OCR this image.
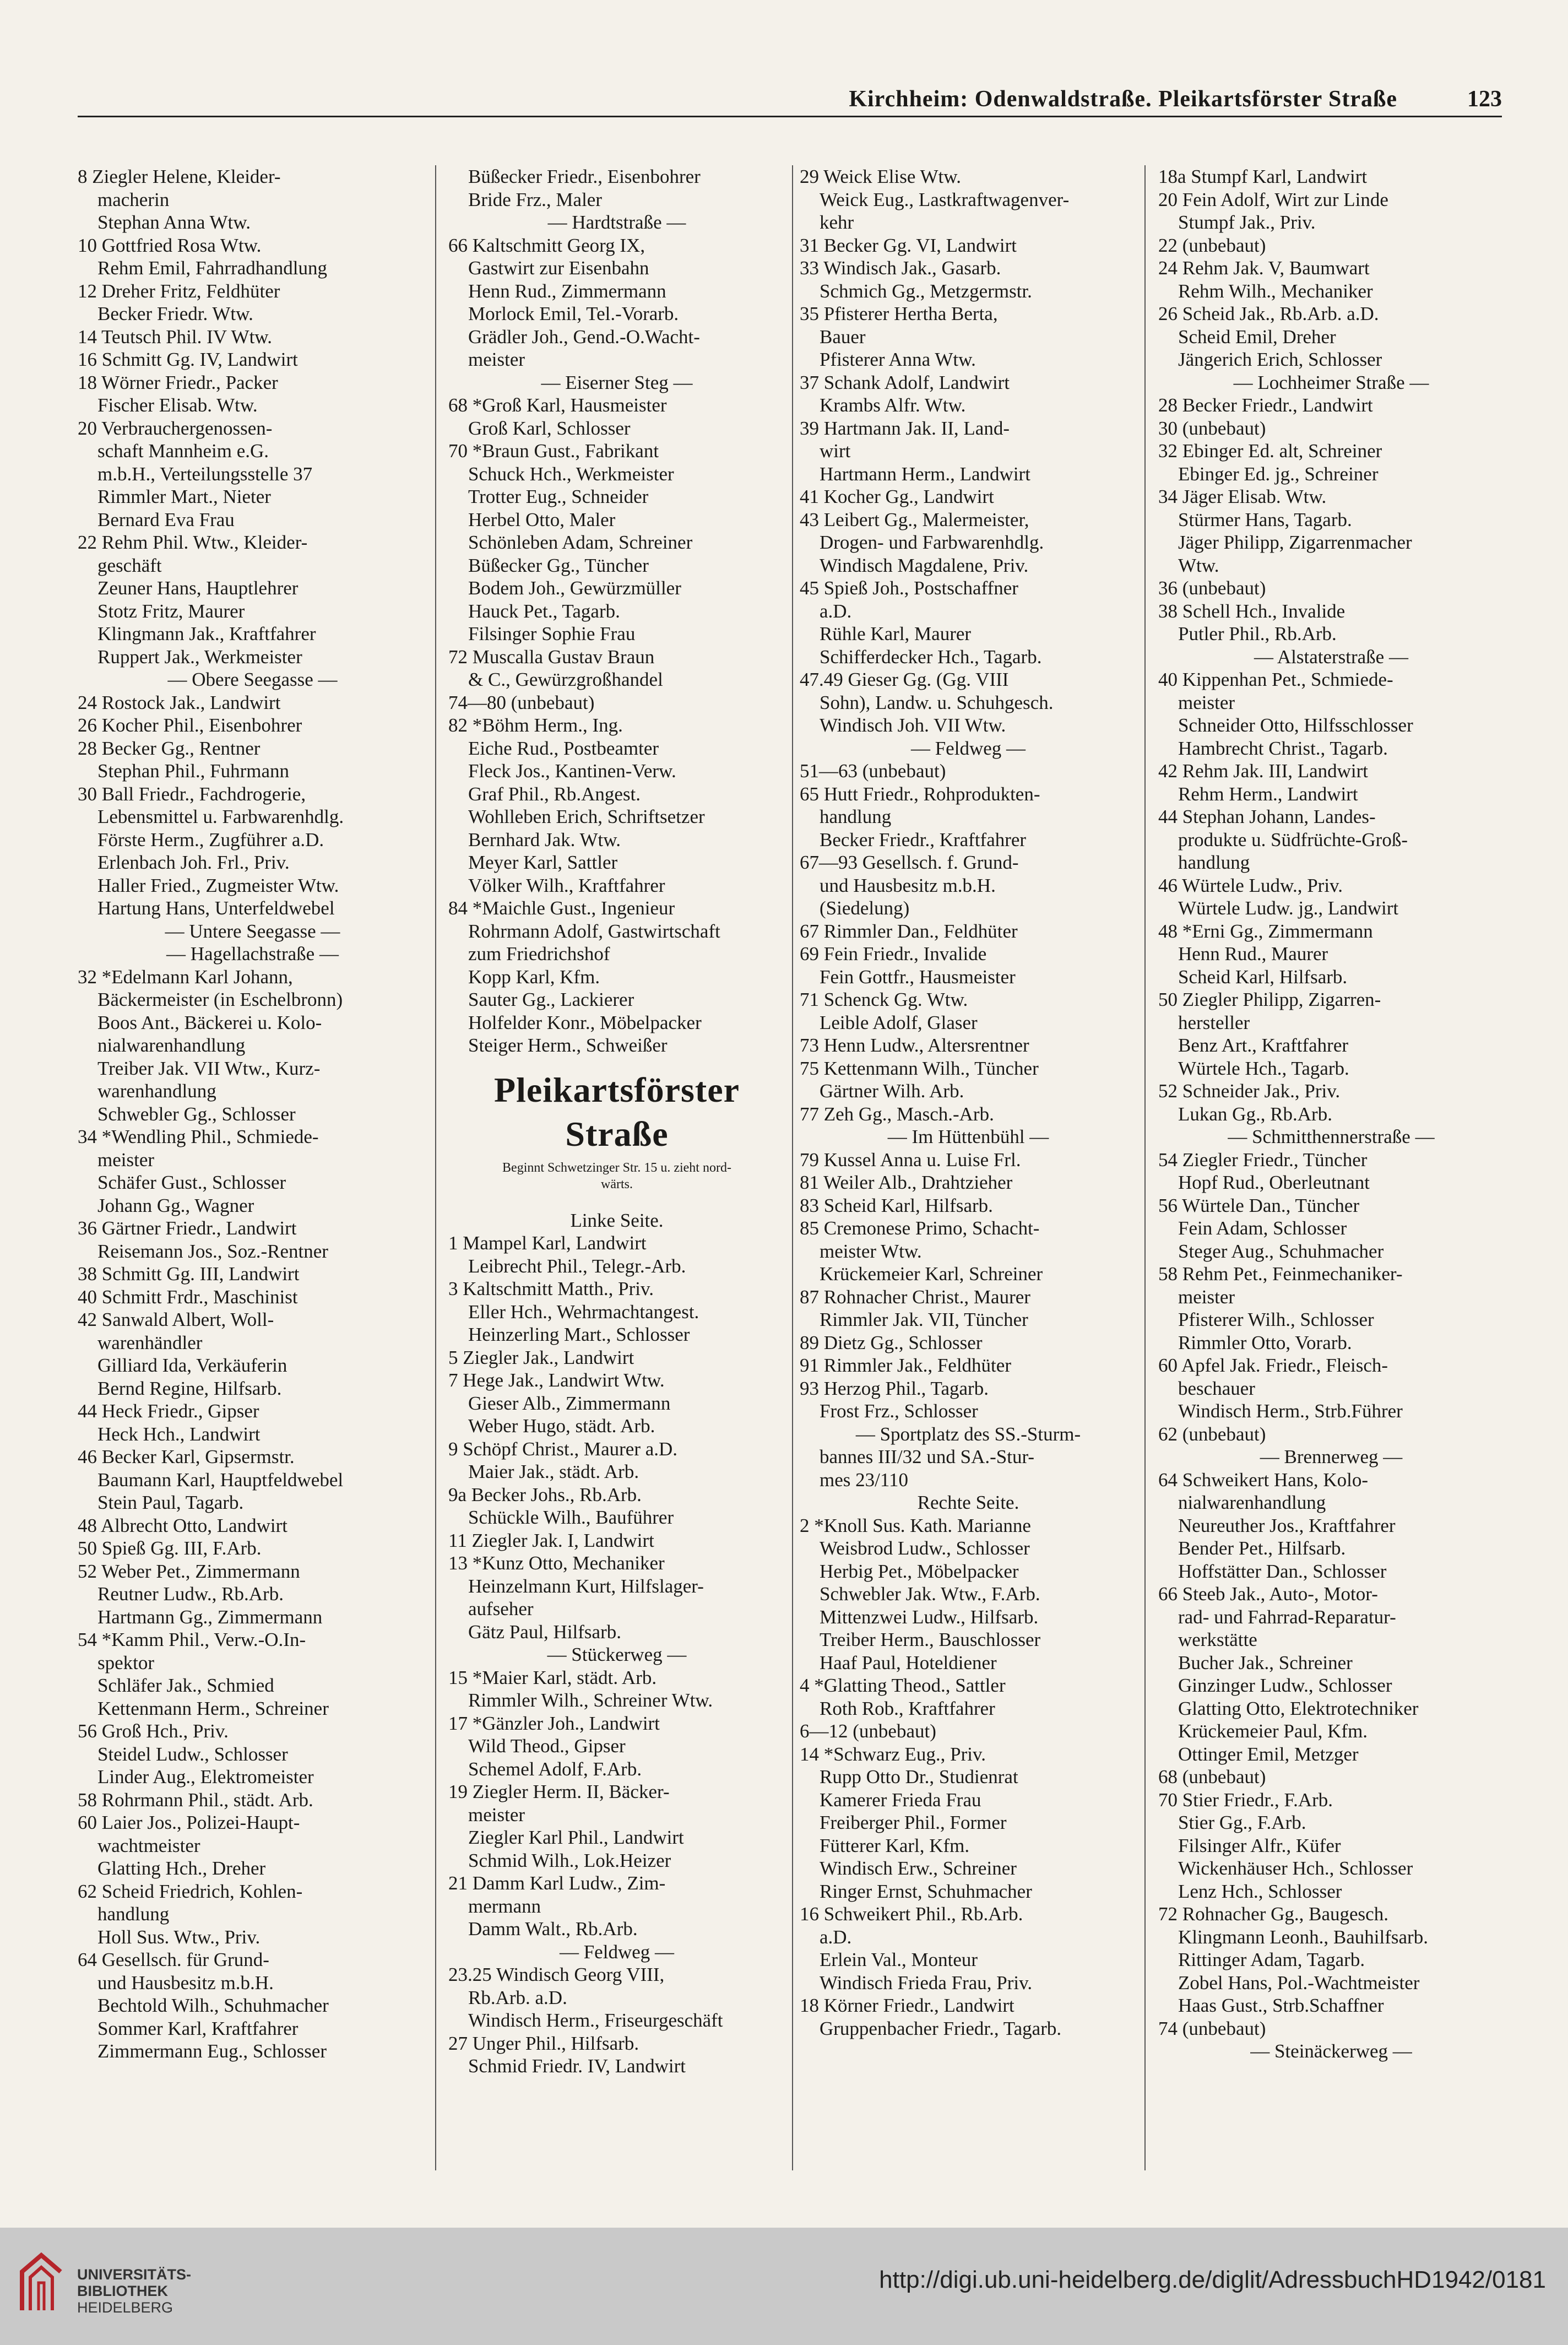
Kirchheim: Odenwaldstraße. Pleikartsförster Straße	123
8 Ziegler Helene, Kleider-
macherin
Stephan Anna Wtw.
10 Gottfried Rosa Wtw.
Rehm Emil, Fahrradhandlung
12 Dreher Fritz, Feldhüter
Becker Friedr. Wtw.
14 Teutsch Phil. IV Wtw.
16 Schmitt Gg. IV, Landwirt
18 Wörner Friedr., Packer
Fischer Elisab. Wtw.
20 Verbrauchergenossen-
schaft Mannheim e.G.
m.b.H., Verteilungsstelle 37
Rimmler Mart., Nieter
Bernard Eva Frau
22 Rehm Phil. Wtw., Kleider-
geschäft
Zeuner Hans, Hauptlehrer
Stotz Fritz, Maurer
Klingmann Jak., Kraftfahrer
Ruppert Jak., Werkmeister
— Obere Seegasse —
24 Rostock Jak., Landwirt
26 Kocher Phil., Eisenbohrer
28 Becker Gg., Rentner
Stephan Phil., Fuhrmann
30 Ball Friedr., Fachdrogerie,
Lebensmittel u. Farbwarenhdlg.
Förste Herm., Zugführer a.D.
Erlenbach Joh. Frl., Priv.
Haller Fried., Zugmeister Wtw.
Hartung Hans, Unterfeldwebel
— Untere Seegasse —
— Hagellachstraße —
32 *Edelmann Karl Johann,
Bäckermeister (in Eschelbronn)
Boos Ant., Bäckerei u. Kolo-
nialwarenhandlung
Treiber Jak. VII Wtw., Kurz-
warenhandlung
Schwebler Gg., Schlosser
34 *Wendling Phil., Schmiede-
meister
Schäfer Gust., Schlosser
Johann Gg., Wagner
36 Gärtner Friedr., Landwirt
Reisemann Jos., Soz.-Rentner
38 Schmitt Gg. III, Landwirt
40 Schmitt Frdr., Maschinist
42 Sanwald Albert, Woll-
warenhändler
Gilliard Ida, Verkäuferin
Bernd Regine, Hilfsarb.
44 Heck Friedr., Gipser
Heck Hch., Landwirt
46 Becker Karl, Gipsermstr.
Baumann Karl, Hauptfeldwebel
Stein Paul, Tagarb.
48 Albrecht Otto, Landwirt
50 Spieß Gg. III, F.Arb.
52 Weber Pet., Zimmermann
Reutner Ludw., Rb.Arb.
Hartmann Gg., Zimmermann
54 *Kamm Phil., Verw.-O.In-
spektor
Schläfer Jak., Schmied
Kettenmann Herm., Schreiner
56 Groß Hch., Priv.
Steidel Ludw., Schlosser
Linder Aug., Elektromeister
58 Rohrmann Phil., städt. Arb.
60 Laier Jos., Polizei-Haupt-
wachtmeister
Glatting Hch., Dreher
62 Scheid Friedrich, Kohlen-
handlung
Holl Sus. Wtw., Priv.
64 Gesellsch. für Grund-
und Hausbesitz m.b.H.
Bechtold Wilh., Schuhmacher
Sommer Karl, Kraftfahrer
Zimmermann Eug., Schlosser
Büßecker Friedr., Eisenbohrer
Bride Frz., Maler
— Hardtstraße —
66 Kaltschmitt Georg IX,
Gastwirt zur Eisenbahn
Henn Rud., Zimmermann
Morlock Emil, Tel.-Vorarb.
Grädler Joh., Gend.-O.Wacht-
meister
— Eiserner Steg —
68 *Groß Karl, Hausmeister
Groß Karl, Schlosser
70 *Braun Gust., Fabrikant
Schuck Hch., Werkmeister
Trotter Eug., Schneider
Herbel Otto, Maler
Schönleben Adam, Schreiner
Büßecker Gg., Tüncher
Bodem Joh., Gewürzmüller
Hauck Pet., Tagarb.
Filsinger Sophie Frau
72 Muscalla Gustav Braun
& C., Gewürzgroßhandel
74—80 (unbebaut)
82 *Böhm Herm., Ing.
Eiche Rud., Postbeamter
Fleck Jos., Kantinen-Verw.
Graf Phil., Rb.Angest.
Wohlleben Erich, Schriftsetzer
Bernhard Jak. Wtw.
Meyer Karl, Sattler
Völker Wilh., Kraftfahrer
84 *Maichle Gust., Ingenieur
Rohrmann Adolf, Gastwirtschaft
zum Friedrichshof
Kopp Karl, Kfm.
Sauter Gg., Lackierer
Holfelder Konr., Möbelpacker
Steiger Herm., Schweißer
Pleikartsförster Straße
Beginnt Schwetzinger Str. 15 u. zieht nord-
wärts.
Linke Seite.
1 Mampel Karl, Landwirt
Leibrecht Phil., Telegr.-Arb.
3 Kaltschmitt Matth., Priv.
Eller Hch., Wehrmachtangest.
Heinzerling Mart., Schlosser
5 Ziegler Jak., Landwirt
7 Hege Jak., Landwirt Wtw.
Gieser Alb., Zimmermann
Weber Hugo, städt. Arb.
9 Schöpf Christ., Maurer a.D.
Maier Jak., städt. Arb.
9a Becker Johs., Rb.Arb.
Schückle Wilh., Bauführer
11 Ziegler Jak. I, Landwirt
13 *Kunz Otto, Mechaniker
Heinzelmann Kurt, Hilfslager-
aufseher
Gätz Paul, Hilfsarb.
— Stückerweg —
15 *Maier Karl, städt. Arb.
Rimmler Wilh., Schreiner Wtw.
17 *Gänzler Joh., Landwirt
Wild Theod., Gipser
Schemel Adolf, F.Arb.
19 Ziegler Herm. II, Bäcker-
meister
Ziegler Karl Phil., Landwirt
Schmid Wilh., Lok.Heizer
21 Damm Karl Ludw., Zim-
mermann
Damm Walt., Rb.Arb.
— Feldweg —
23.25 Windisch Georg VIII,
Rb.Arb. a.D.
Windisch Herm., Friseurgeschäft
27 Unger Phil., Hilfsarb.
Schmid Friedr. IV, Landwirt
29 Weick Elise Wtw.
Weick Eug., Lastkraftwagenver-
kehr
31 Becker Gg. VI, Landwirt
33 Windisch Jak., Gasarb.
Schmich Gg., Metzgermstr.
35 Pfisterer Hertha Berta,
Bauer
Pfisterer Anna Wtw.
37 Schank Adolf, Landwirt
Krambs Alfr. Wtw.
39 Hartmann Jak. II, Land-
wirt
Hartmann Herm., Landwirt
41 Kocher Gg., Landwirt
43 Leibert Gg., Malermeister,
Drogen- und Farbwarenhdlg.
Windisch Magdalene, Priv.
45 Spieß Joh., Postschaffner
a.D.
Rühle Karl, Maurer
Schifferdecker Hch., Tagarb.
47.49 Gieser Gg. (Gg. VIII
Sohn), Landw. u. Schuhgesch.
Windisch Joh. VII Wtw.
— Feldweg —
51—63 (unbebaut)
65 Hutt Friedr., Rohprodukten-
handlung
Becker Friedr., Kraftfahrer
67—93 Gesellsch. f. Grund-
und Hausbesitz m.b.H.
(Siedelung)
67 Rimmler Dan., Feldhüter
69 Fein Friedr., Invalide
Fein Gottfr., Hausmeister
71 Schenck Gg. Wtw.
Leible Adolf, Glaser
73 Henn Ludw., Altersrentner
75 Kettenmann Wilh., Tüncher
Gärtner Wilh. Arb.
77 Zeh Gg., Masch.-Arb.
— Im Hüttenbühl —
79 Kussel Anna u. Luise Frl.
81 Weiler Alb., Drahtzieher
83 Scheid Karl, Hilfsarb.
85 Cremonese Primo, Schacht-
meister Wtw.
Krückemeier Karl, Schreiner
87 Rohnacher Christ., Maurer
Rimmler Jak. VII, Tüncher
89 Dietz Gg., Schlosser
91 Rimmler Jak., Feldhüter
93 Herzog Phil., Tagarb.
Frost Frz., Schlosser
— Sportplatz des SS.-Sturm-
bannes III/32 und SA.-Stur-
mes 23/110
Rechte Seite.
2 *Knoll Sus. Kath. Marianne
Weisbrod Ludw., Schlosser
Herbig Pet., Möbelpacker
Schwebler Jak. Wtw., F.Arb.
Mittenzwei Ludw., Hilfsarb.
Treiber Herm., Bauschlosser
Haaf Paul, Hoteldiener
4 *Glatting Theod., Sattler
Roth Rob., Kraftfahrer
6—12 (unbebaut)
14 *Schwarz Eug., Priv.
Rupp Otto Dr., Studienrat
Kamerer Frieda Frau
Freiberger Phil., Former
Fütterer Karl, Kfm.
Windisch Erw., Schreiner
Ringer Ernst, Schuhmacher
16 Schweikert Phil., Rb.Arb.
a.D.
Erlein Val., Monteur
Windisch Frieda Frau, Priv.
18 Körner Friedr., Landwirt
Gruppenbacher Friedr., Tagarb.
18a Stumpf Karl, Landwirt
20 Fein Adolf, Wirt zur Linde
Stumpf Jak., Priv.
22 (unbebaut)
24 Rehm Jak. V, Baumwart
Rehm Wilh., Mechaniker
26 Scheid Jak., Rb.Arb. a.D.
Scheid Emil, Dreher
Jängerich Erich, Schlosser
— Lochheimer Straße —
28 Becker Friedr., Landwirt
30 (unbebaut)
32 Ebinger Ed. alt, Schreiner
Ebinger Ed. jg., Schreiner
34 Jäger Elisab. Wtw.
Stürmer Hans, Tagarb.
Jäger Philipp, Zigarrenmacher
Wtw.
36 (unbebaut)
38 Schell Hch., Invalide
Putler Phil., Rb.Arb.
— Alstaterstraße —
40 Kippenhan Pet., Schmiede-
meister
Schneider Otto, Hilfsschlosser
Hambrecht Christ., Tagarb.
42 Rehm Jak. III, Landwirt
Rehm Herm., Landwirt
44 Stephan Johann, Landes-
produkte u. Südfrüchte-Groß-
handlung
46 Würtele Ludw., Priv.
Würtele Ludw. jg., Landwirt
48 *Erni Gg., Zimmermann
Henn Rud., Maurer
Scheid Karl, Hilfsarb.
50 Ziegler Philipp, Zigarren-
hersteller
Benz Art., Kraftfahrer
Würtele Hch., Tagarb.
52 Schneider Jak., Priv.
Lukan Gg., Rb.Arb.
— Schmitthennerstraße —
54 Ziegler Friedr., Tüncher
Hopf Rud., Oberleutnant
56 Würtele Dan., Tüncher
Fein Adam, Schlosser
Steger Aug., Schuhmacher
58 Rehm Pet., Feinmechaniker-
meister
Pfisterer Wilh., Schlosser
Rimmler Otto, Vorarb.
60 Apfel Jak. Friedr., Fleisch-
beschauer
Windisch Herm., Strb.Führer
62 (unbebaut)
— Brennerweg —
64 Schweikert Hans, Kolo-
nialwarenhandlung
Neureuther Jos., Kraftfahrer
Bender Pet., Hilfsarb.
Hoffstätter Dan., Schlosser
66 Steeb Jak., Auto-, Motor-
rad- und Fahrrad-Reparatur-
werkstätte
Bucher Jak., Schreiner
Ginzinger Ludw., Schlosser
Glatting Otto, Elektrotechniker
Krückemeier Paul, Kfm.
Ottinger Emil, Metzger
68 (unbebaut)
70 Stier Friedr., F.Arb.
Stier Gg., F.Arb.
Filsinger Alfr., Küfer
Wickenhäuser Hch., Schlosser
Lenz Hch., Schlosser
72 Rohnacher Gg., Baugesch.
Klingmann Leonh., Bauhilfsarb.
Rittinger Adam, Tagarb.
Zobel Hans, Pol.-Wachtmeister
Haas Gust., Strb.Schaffner
74 (unbebaut)
— Steinäckerweg —
UNIVERSITÄTS-
BIBLIOTHEK
HEIDELBERG
http://digi.ub.uni-heidelberg.de/diglit/AdressbuchHD1942/0181
